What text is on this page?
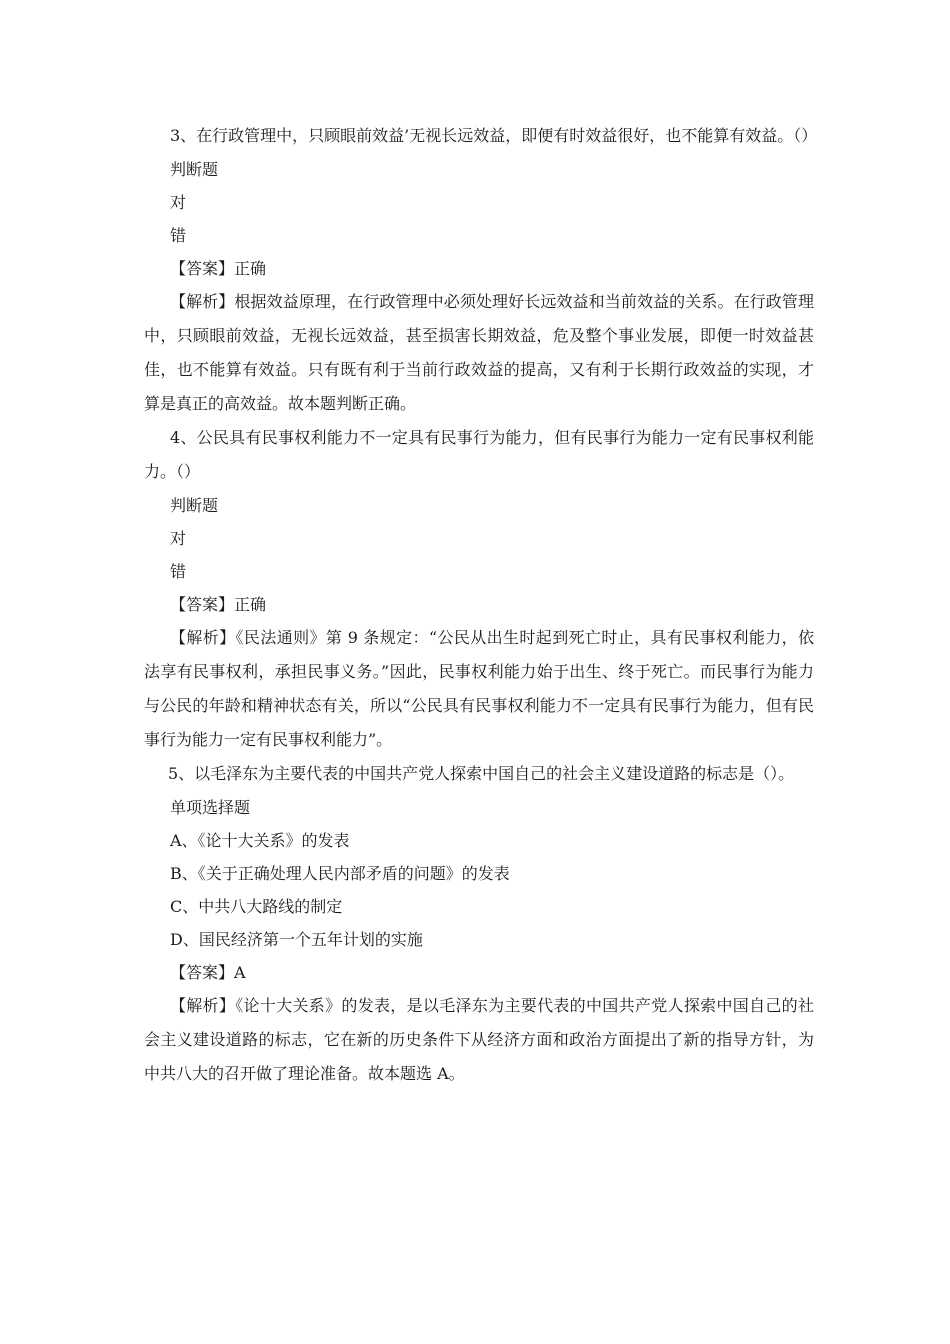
3、在行政管理中，只顾眼前效益’无视长远效益，即便有时效益很好，也不能算有效益。（）

判断题

对

错

【答案】正确

【解析】根据效益原理，在行政管理中必须处理好长远效益和当前效益的关系。在行政管理中，只顾眼前效益，无视长远效益，甚至损害长期效益，危及整个事业发展，即便一时效益甚佳，也不能算有效益。只有既有利于当前行政效益的提高，又有利于长期行政效益的实现，才算是真正的高效益。故本题判断正确。

4、公民具有民事权利能力不一定具有民事行为能力，但有民事行为能力一定有民事权利能力。（）

判断题

对

错

【答案】正确

【解析】《民法通则》第 9 条规定：“公民从出生时起到死亡时止，具有民事权利能力，依法享有民事权利，承担民事义务。”因此，民事权利能力始于出生、终于死亡。而民事行为能力与公民的年龄和精神状态有关，所以“公民具有民事权利能力不一定具有民事行为能力，但有民事行为能力一定有民事权利能力”。

5、以毛泽东为主要代表的中国共产党人探索中国自己的社会主义建设道路的标志是（）。

单项选择题

A、《论十大关系》的发表

B、《关于正确处理人民内部矛盾的问题》的发表

C、中共八大路线的制定

D、国民经济第一个五年计划的实施

【答案】A

【解析】《论十大关系》的发表，是以毛泽东为主要代表的中国共产党人探索中国自己的社会主义建设道路的标志，它在新的历史条件下从经济方面和政治方面提出了新的指导方针，为中共八大的召开做了理论准备。故本题选 A。
